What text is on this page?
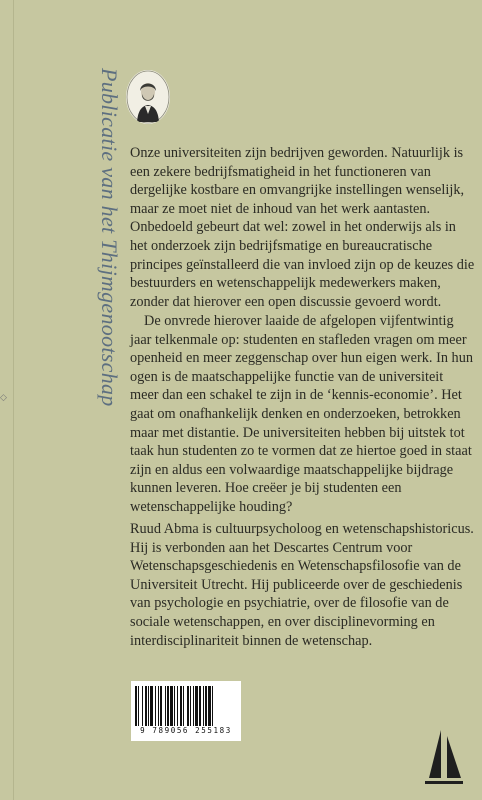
◇	Publicatie van het Thijmgenootschap Onze universiteiten zijn bedrijven geworden. Natuurlijk is een zekere bedrijfsmatigheid in het functioneren van dergelijke kostbare en omvangrijke instellingen wenselijk, maar ze moet niet de inhoud van het werk aantasten. Onbedoeld gebeurt dat wel: zowel in het onderwijs als in het onderzoek zijn bedrijfsmatige en bureaucratische principes geïnstalleerd die van invloed zijn op de keuzes die bestuurders en wetenschappelijk medewerkers maken, zonder dat hierover een open discussie gevoerd wordt.

De onvrede hierover laaide de afgelopen vijfentwintig jaar telkenmale op: studenten en stafleden vragen om meer openheid en meer zeggenschap over hun eigen werk. In hun ogen is de maatschappelijke functie van de universiteit meer dan een schakel te zijn in de ‘kennis-economie’. Het gaat om onafhankelijk denken en onderzoeken, betrokken maar met distantie. De universiteiten hebben bij uitstek tot taak hun studenten zo te vormen dat ze hiertoe goed in staat zijn en aldus een volwaardige maatschappelijke bijdrage kunnen leveren. Hoe creëer je bij studenten een wetenschappelijke houding?

Ruud Abma is cultuurpsycholoog en wetenschapshistoricus. Hij is verbonden aan het Descartes Centrum voor Wetenschapsgeschiedenis en Wetenschapsfilosofie van de Universiteit Utrecht. Hij publiceerde over de geschiedenis van psychologie en psychiatrie, over de filosofie van de sociale wetenschappen, en over disciplinevorming en interdisciplinariteit binnen de wetenschap.

9 789056 255183
